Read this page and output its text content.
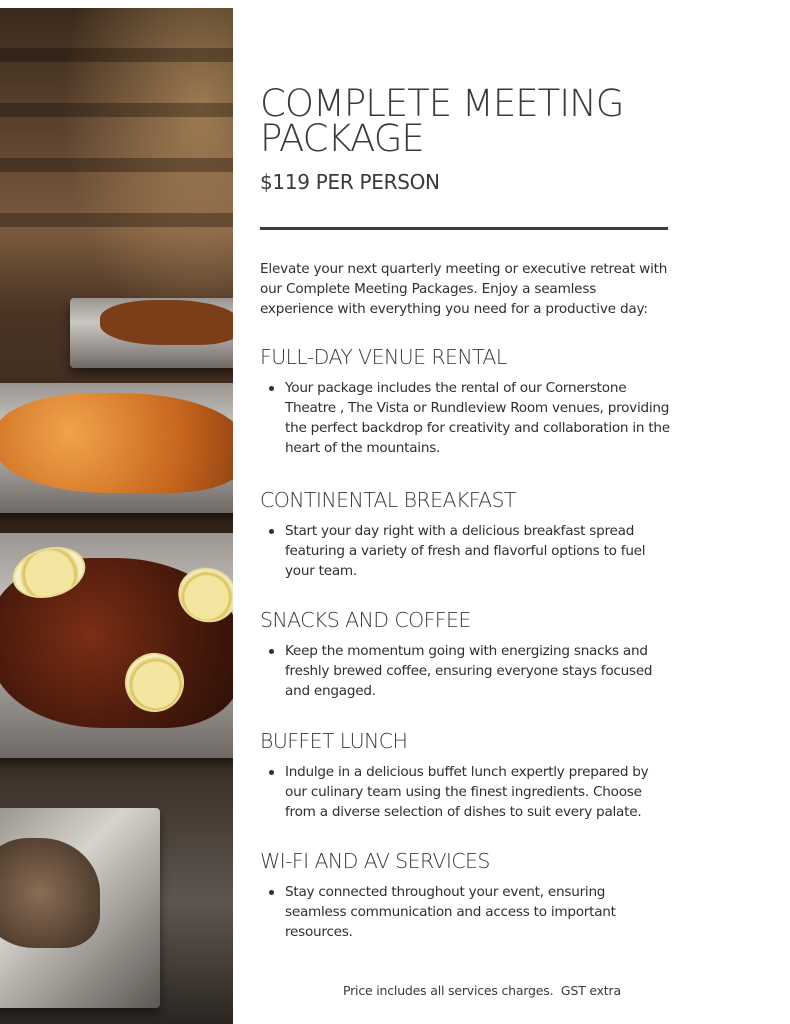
COMPLETE MEETING PACKAGE
$119 PER PERSON

Elevate your next quarterly meeting or executive retreat with our Complete Meeting Packages. Enjoy a seamless experience with everything you need for a productive day:

FULL-DAY VENUE RENTAL
Your package includes the rental of our Cornerstone Theatre , The Vista or Rundleview Room venues, providing the perfect backdrop for creativity and collaboration in the heart of the mountains.
CONTINENTAL BREAKFAST
Start your day right with a delicious breakfast spread featuring a variety of fresh and flavorful options to fuel your team.
SNACKS AND COFFEE
Keep the momentum going with energizing snacks and freshly brewed coffee, ensuring everyone stays focused and engaged.
BUFFET LUNCH
Indulge in a delicious buffet lunch expertly prepared by our culinary team using the finest ingredients. Choose from a diverse selection of dishes to suit every palate.
WI-FI AND AV SERVICES
Stay connected throughout your event, ensuring seamless communication and access to important resources.
Price includes all services charges.  GST extra
